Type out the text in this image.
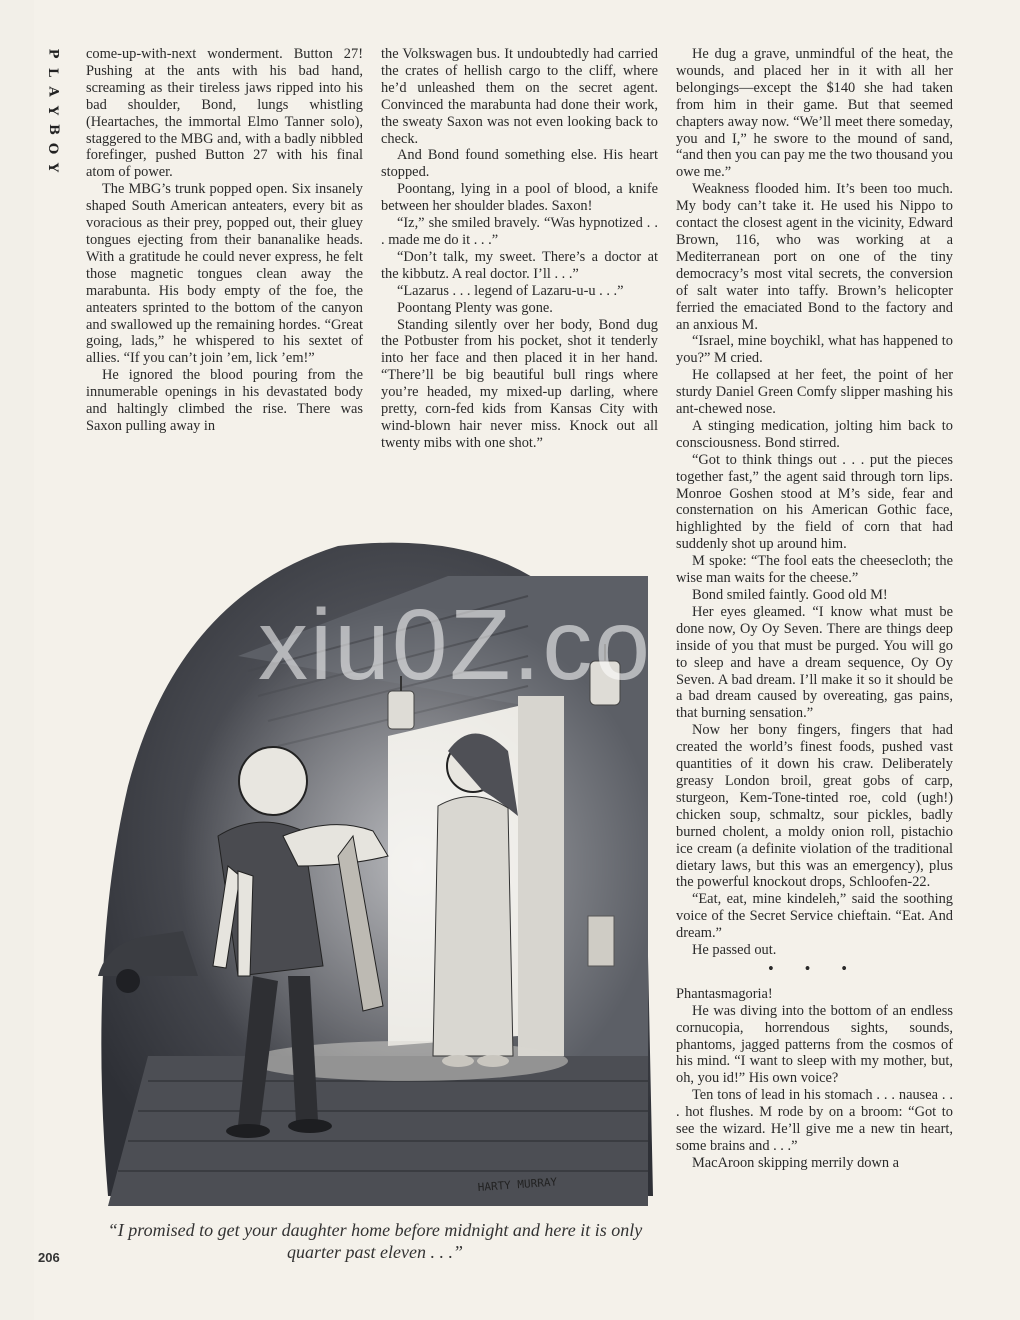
P
L
A
Y
B
O
Y

come-up-with-next wonderment. Button 27! Pushing at the ants with his bad hand, screaming as their tireless jaws ripped into his bad shoulder, Bond, lungs whistling (Heartaches, the immortal Elmo Tanner solo), staggered to the MBG and, with a badly nibbled forefinger, pushed Button 27 with his final atom of power.

The MBG’s trunk popped open. Six insanely shaped South American anteaters, every bit as voracious as their prey, popped out, their gluey tongues ejecting from their bananalike heads. With a gratitude he could never express, he felt those magnetic tongues clean away the marabunta. His body empty of the foe, the anteaters sprinted to the bottom of the canyon and swallowed up the remaining hordes. “Great going, lads,” he whispered to his sextet of allies. “If you can’t join ’em, lick ’em!”

He ignored the blood pouring from the innumerable openings in his devastated body and haltingly climbed the rise. There was Saxon pulling away in

the Volkswagen bus. It undoubtedly had carried the crates of hellish cargo to the cliff, where he’d unleashed them on the secret agent. Convinced the marabunta had done their work, the sweaty Saxon was not even looking back to check.

And Bond found something else. His heart stopped.

Poontang, lying in a pool of blood, a knife between her shoulder blades. Saxon!

“Iz,” she smiled bravely. “Was hypnotized . . . made me do it . . .”

“Don’t talk, my sweet. There’s a doctor at the kibbutz. A real doctor. I’ll . . .”

“Lazarus . . . legend of Lazaru-u-u . . .”

Poontang Plenty was gone.

Standing silently over her body, Bond dug the Potbuster from his pocket, shot it tenderly into her face and then placed it in her hand. “There’ll be big beautiful bull rings where you’re headed, my mixed-up darling, where pretty, corn-fed kids from Kansas City with wind-blown hair never miss. Knock out all twenty mibs with one shot.”

He dug a grave, unmindful of the heat, the wounds, and placed her in it with all her belongings—except the $140 she had taken from him in their game. But that seemed chapters away now. “We’ll meet there someday, you and I,” he swore to the mound of sand, “and then you can pay me the two thousand you owe me.”

Weakness flooded him. It’s been too much. My body can’t take it. He used his Nippo to contact the closest agent in the vicinity, Edward Brown, 116, who was working at a Mediterranean port on one of the tiny democracy’s most vital secrets, the conversion of salt water into taffy. Brown’s helicopter ferried the emaciated Bond to the factory and an anxious M.

“Israel, mine boychikl, what has happened to you?” M cried.

He collapsed at her feet, the point of her sturdy Daniel Green Comfy slipper mashing his ant-chewed nose.

A stinging medication, jolting him back to consciousness. Bond stirred.

“Got to think things out . . . put the pieces together fast,” the agent said through torn lips. Monroe Goshen stood at M’s side, fear and consternation on his American Gothic face, highlighted by the field of corn that had suddenly shot up around him.

M spoke: “The fool eats the cheesecloth; the wise man waits for the cheese.”

Bond smiled faintly. Good old M!

Her eyes gleamed. “I know what must be done now, Oy Oy Seven. There are things deep inside of you that must be purged. You will go to sleep and have a dream sequence, Oy Oy Seven. A bad dream. I’ll make it so it should be a bad dream caused by overeating, gas pains, that burning sensation.”

Now her bony fingers, fingers that had created the world’s finest foods, pushed vast quantities of it down his craw. Deliberately greasy London broil, great gobs of carp, sturgeon, Kem-Tone-tinted roe, cold (ugh!) chicken soup, schmaltz, sour pickles, badly burned cholent, a moldy onion roll, pistachio ice cream (a definite violation of the traditional dietary laws, but this was an emergency), plus the powerful knockout drops, Schloofen-22.

“Eat, eat, mine kindeleh,” said the soothing voice of the Secret Service chieftain. “Eat. And dream.”

He passed out.

• • •

Phantasmagoria!

He was diving into the bottom of an endless cornucopia, horrendous sights, sounds, phantoms, jagged patterns from the cosmos of his mind. “I want to sleep with my mother, but, oh, you id!” His own voice?

Ten tons of lead in his stomach . . . nausea . . . hot flushes. M rode by on a broom: “Got to see the wizard. He’ll give me a new tin heart, some brains and . . .”

MacAroon skipping merrily down a

HARTY MURRAY
xiu0Z.co
“I promised to get your daughter home before midnight and here it is only quarter past eleven . . .”
206
